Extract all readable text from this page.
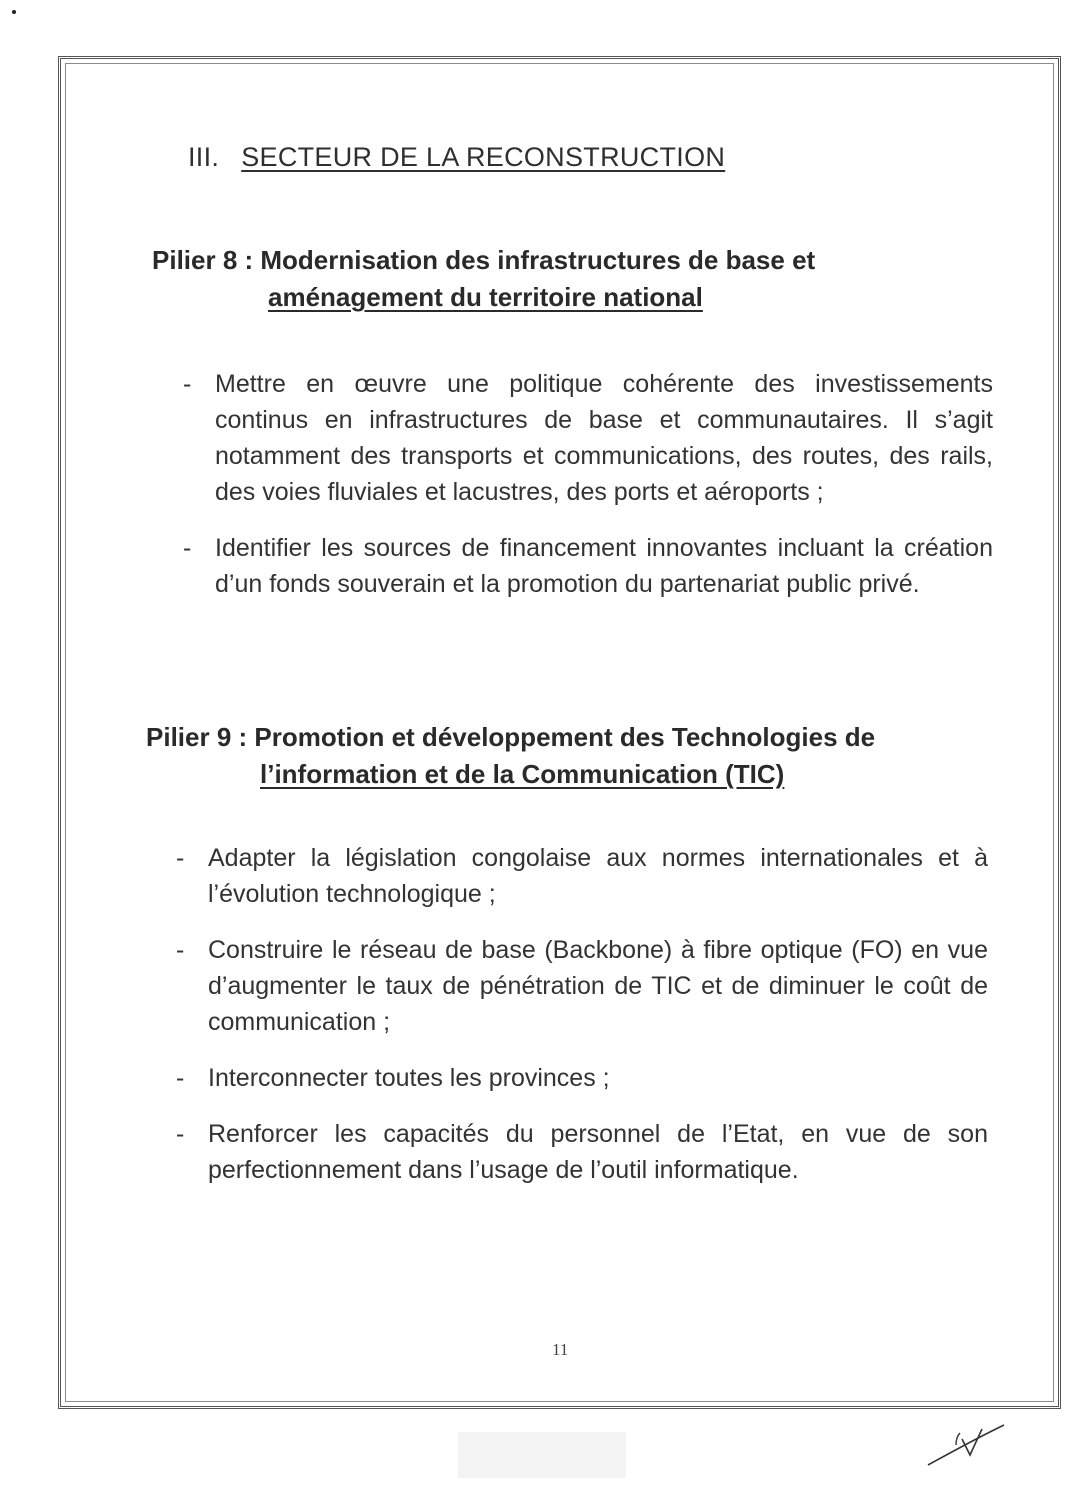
III. SECTEUR DE LA RECONSTRUCTION
Pilier 8 : Modernisation des infrastructures de base et
aménagement du territoire national
- Mettre en œuvre une politique cohérente des investissements continus en infrastructures de base et communautaires. Il s’agit notamment des transports et communications, des routes, des rails, des voies fluviales et lacustres, des ports et aéroports ;
- Identifier les sources de financement innovantes incluant la création d’un fonds souverain et la promotion du partenariat public privé.
Pilier 9 : Promotion et développement des Technologies de
l’information et de la Communication (TIC)
- Adapter la législation congolaise aux normes internationales et à l’évolution technologique ;
- Construire le réseau de base (Backbone) à fibre optique (FO) en vue d’augmenter le taux de pénétration de TIC et de diminuer le coût de communication ;
- Interconnecter toutes les provinces ;
- Renforcer les capacités du personnel de l’Etat, en vue de son perfectionnement dans l’usage de l’outil informatique.
11
